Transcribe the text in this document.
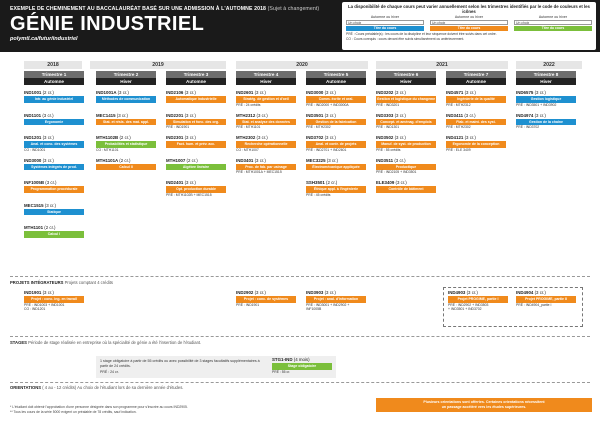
EXEMPLE DE CHEMINEMENT AU BACCALAURÉAT BASÉ SUR UNE ADMISSION À L'AUTOMNE 2018 (Sujet à changement)
GÉNIE INDUSTRIEL
polymtl.ca/futur/industriel
La disponibilité de chaque cours peut varier annuellement selon les trimestres identifiés par le code de couleurs et les icônes
Automne ou hiver
Un choix
Titre du cours
Automne ou hiver
Un choix
Titre du cours
Automne ou hiver
Un choix
Titre du cours
PRÉ : Cours préalable(s) : les cours de la discipline et leur séquence doivent être suivis dans cet ordre.
CO : Cours corequis : cours devant être suivis simultanément ou antérieurement.
2018	2019	2020	2021	2022
Trimestre 1
Automne
Trimestre 2
Hiver
Trimestre 3
Automne
Trimestre 4
Hiver
Trimestre 5
Automne
Trimestre 6
Hiver
Trimestre 7
Automne
Trimestre 8
Hiver
IND1001 (2 cr.)
Intr. au génie industriel
IND1101 (3 cr.)
Ergonomie
IND1201 (3 cr.)
Anal. et conc. des systèmes
CO : IND1001
IND3000 (3 cr.)
Systèmes intégrés de prod.
INF1005B (3 cr.)
Programmation procédurale
MEC1515 (3 cr.)
Statique
MTH1101 (2 cr.)
Calcul I
IND1001A (3 cr.)
Méthodes de communication
MEC1415 (3 cr.)
Stat. et résis. des mat. appl.
MTH1102B (2 cr.)
Probabilités et statistique
CO : MTH1101
MTH1101A (2 cr.)
Calcul II
IND2106 (3 cr.)
Automatique industrielle
IND2201 (3 cr.)
Simulation et fonc. des org.
PRÉ : IND1901
IND2301 (3 cr.)
Fact. hum. et prév. acc.
MTH1007 (2 cr.)
Algèbre linéaire
IND2401 (3 cr.)
Opt. production durable
PRÉ : MTH1102B + MEC1515
IND2601 (3 cr.)
Stratég. de gestion et d'oeil
PRÉ : 24 crédits
MTH2312 (3 cr.)
Stat. et analyse des données
PRÉ : MTH1101
MTH2302 (3 cr.)
Recherche opérationnelle
CO : MTH1007
IND3401 (3 cr.)
Proc. de fab. par usinage
PRÉ : MTH1001A + MEC1515
IND3000 (3 cr.)
Comm. écrite et oral.
PRÉ : IND2000 + IND3000A
IND3501 (3 cr.)
Gestion de la fabrication
PRÉ : MTH2302
IND3702 (3 cr.)
Anal. et contr. de projets
PRÉ : IND2701 + IND2601
MEC3225 (3 cr.)
Électromécanique appliquée
SSH3501 (2 cr.)
Éthique appl. à l'ingénierie
PRÉ : 45 crédits
IND3202 (3 cr.)
Gestion et logistique du changeme
PRÉ : IND3201
IND3303 (3 cr.)
Concept. et aménag. d'emplois
PRÉ : IND1301
IND3502 (3 cr.)
Manuf. de syst. de production
PRÉ : 55 crédits
IND3511 (3 cr.)
Productique
PRÉ : IND2105 + IND3501
ELE3409 (3 cr.)
Contrôle de bâtiment
IND4571 (3 cr.)
Ingénierie de la qualité
PRÉ : MTH2312
IND3411 (3 cr.)
Fiab. et maint. des syst.
PRÉ : MTH2302
IND4121 (3 cr.)
Ergonomie de la conception
PRÉ : ELE 3409
IND6575 (3 cr.)
Gestion logistique
PRÉ : IND3501 + IND3902
IND4974 (3 cr.)
Gestion de la chaîne
PRÉ : IND3702
PROJETS INTÉGRATEURS Projets comptant 4 crédits
IND1901 (3 cr.)
Projet : conc. ing. en travail
PRÉ : IND1003 + IND1001
CO : IND1201
IND2902 (3 cr.)
Projet : conc. de systèmes
PRÉ : IND1901
IND3903 (3 cr.)
Projet : anal. d'information
PRÉ : IND3001 + IND2902 +
INF1005B
IND4903 (3 cr.)
Projet PROGIME, partie I
PRÉ : IND2902 + IND3503
+ IND3501 + IND3702
IND4904 (3 cr.)
Projet PROGIME, partie II
PRÉ : IND4904_partie I
STAGES Période de stage réalisée en entreprise où la spécialité de génie a été l'insertion de l'étudiant.
1 stage obligatoire à partir de 55 crédits ou avec possibilité de 3 stages facultatifs supplémentaires à partir de 24 crédits.
PRÉ : 24 cr.
STG1-IND (4 mois)
Stage obligatoire
PRÉ : 55 cr.
ORIENTATIONS ( 4 au - 12 crédits) Au choix de l'étudiant lors de sa dernière année d'études.
* L'étudiant doit obtenir l'approbation d'une personne désignée dans son programme pour s'inscrire au cours IND2905.
** Tous les cours de la série 5000 exigent un préalable de 78 crédits, sauf indication.
Plusieurs orientations sont offertes. Certaines orientations nécessitent
un passage accéléré vers les études supérieures.
